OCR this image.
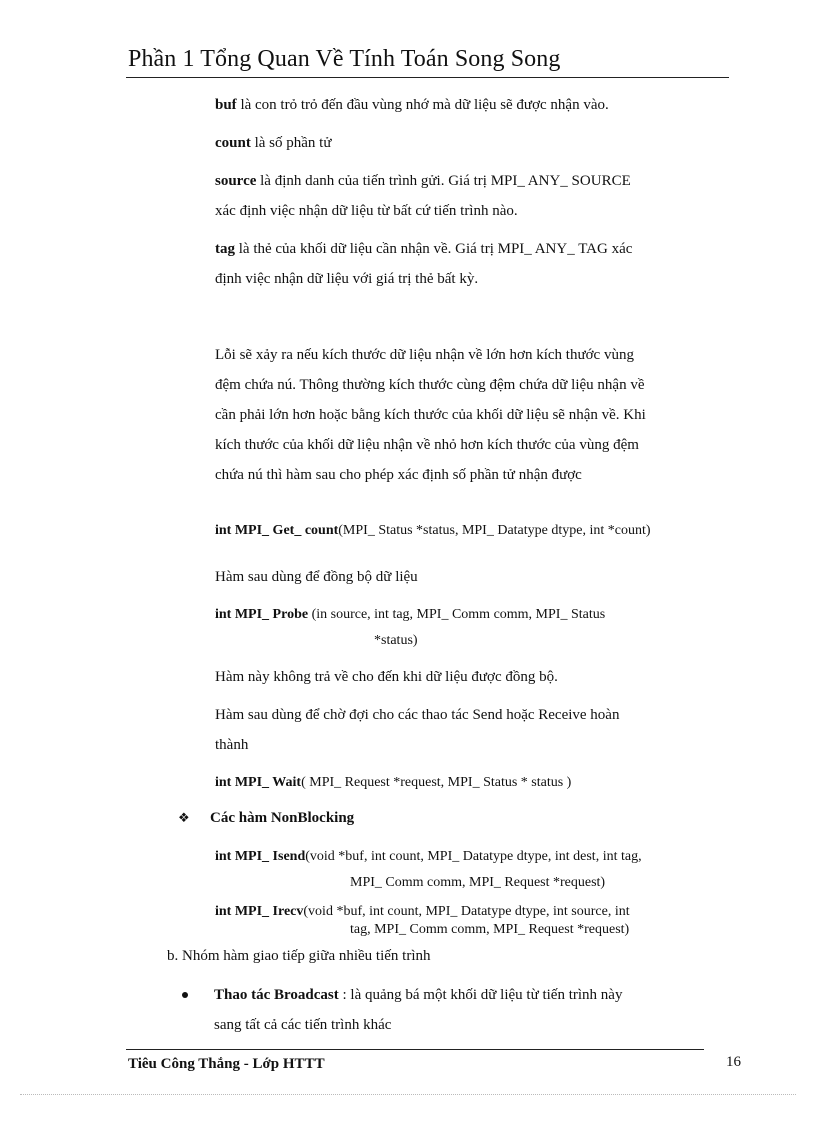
Phần 1 Tổng Quan Về Tính Toán Song Song
buf là con trỏ trỏ đến đầu vùng nhớ mà dữ liệu sẽ được nhận vào.
count là số phần tử
source là định danh của tiến trình gửi. Giá trị MPI_ ANY_ SOURCE
xác định việc nhận dữ liệu từ bất cứ tiến trình nào.
tag là thẻ của khối dữ liệu cần nhận về. Giá trị MPI_ ANY_ TAG xác
định việc nhận dữ liệu với giá trị thẻ bất kỳ.
Lỗi sẽ xảy ra nếu kích thước dữ liệu nhận về lớn hơn kích thước vùng
đệm chứa nú. Thông thường kích thước cùng đệm chứa dữ liệu nhận về
cần phải lớn hơn hoặc bằng kích thước của khối dữ liệu sẽ nhận về. Khi
kích thước của khối dữ liệu nhận về nhỏ hơn kích thước của vùng đệm
chứa nú thì hàm sau cho phép xác định số phần tử nhận được
int MPI_ Get_ count(MPI_ Status *status, MPI_ Datatype dtype, int *count)
Hàm sau dùng để đồng bộ dữ liệu
int MPI_ Probe (in source, int tag, MPI_ Comm comm, MPI_ Status
*status)
Hàm này không trả về cho đến khi dữ liệu được đồng bộ.
Hàm sau dùng để chờ đợi cho các thao tác Send hoặc Receive hoàn
thành
int MPI_ Wait( MPI_ Request *request, MPI_ Status * status )
❖ Các hàm NonBlocking
int MPI_ Isend(void *buf, int count, MPI_ Datatype dtype, int dest, int tag,
MPI_ Comm comm, MPI_ Request *request)
int MPI_ Irecv(void *buf, int count, MPI_ Datatype dtype, int source, int
tag, MPI_ Comm comm, MPI_ Request *request)
b. Nhóm hàm giao tiếp giữa nhiều tiến trình
Thao tác Broadcast : là quảng bá một khối dữ liệu từ tiến trình này
sang tất cả các tiến trình khác
Tiêu Công Thắng - Lớp HTTT	16
